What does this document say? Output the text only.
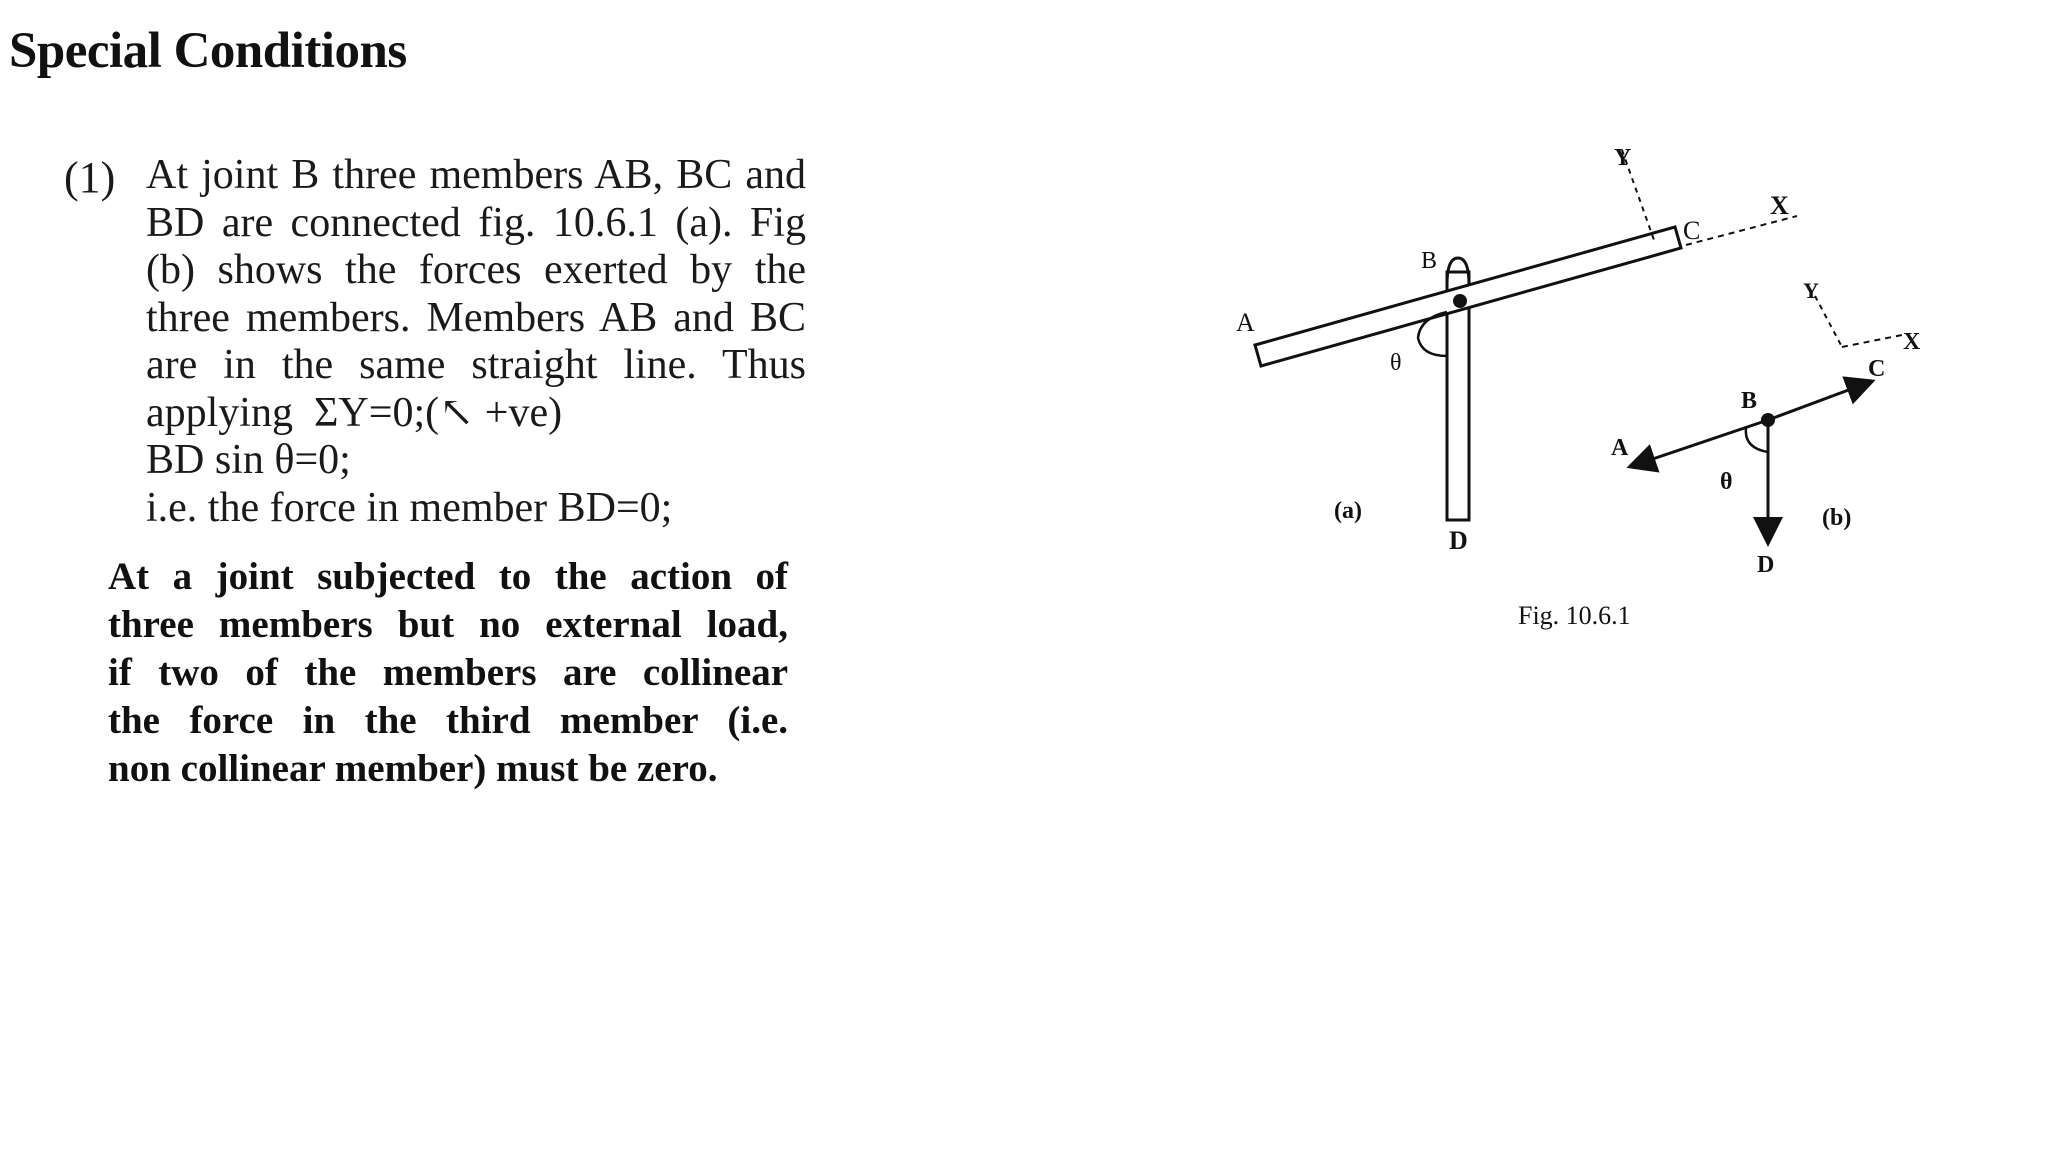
Special Conditions
(1) At joint B three members AB, BC and
BD are connected fig. 10.6.1 (a). Fig
(b) shows the forces exerted by the
three members. Members AB and BC
are in the same straight line. Thus
applying  ΣY=0;(↖ +ve)
BD sin θ=0;
i.e. the force in member BD=0;
At a joint subjected to the action of
three members but no external load,
if two of the members are collinear
the force in the third member (i.e.
non collinear member) must be zero.
A
B
C
D
θ
X
Y
(a)
A
B
C
D
θ
X
Y
(b)
Fig. 10.6.1
